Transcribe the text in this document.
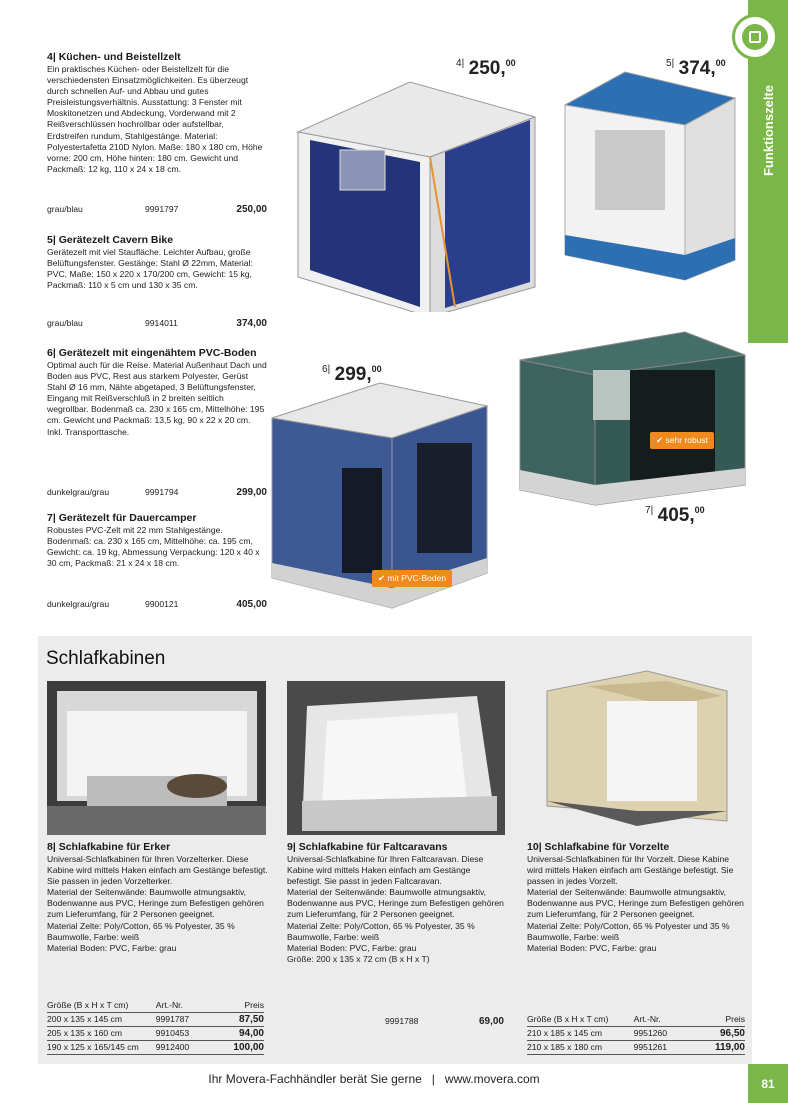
Funktionszelte
4| Küchen- und Beistellzelt
Ein praktisches Küchen- oder Beistellzelt für die verschiedensten Einsatzmöglichkeiten. Es überzeugt durch schnellen Auf- und Abbau und gutes Preisleistungsverhältnis. Ausstattung: 3 Fenster mit Moskitonetzen und Abdeckung, Vorderwand mit 2 Reißverschlüssen hochrollbar oder aufstellbar, Erdstreifen rundum, Stahlgestänge. Material: Polyestertafetta 210D Nylon. Maße: 180 x 180 cm, Höhe vorne: 200 cm, Höhe hinten: 180 cm. Gewicht und Packmaß: 12 kg, 110 x 24 x 18 cm.
grau/blau	9991797	250,00
5| Gerätezelt Cavern Bike
Gerätezelt mit viel Staufläche. Leichter Aufbau, große Belüftungsfenster. Gestänge: Stahl Ø 22mm, Material: PVC, Maße: 150 x 220 x 170/200 cm, Gewicht: 15 kg, Packmaß: 110 x 5 cm und 130 x 35 cm.
grau/blau	9914011	374,00
6| Gerätezelt mit eingenähtem PVC-Boden
Optimal auch für die Reise. Material Außenhaut Dach und Boden aus PVC, Rest aus starkem Polyester, Gerüst Stahl Ø 16 mm, Nähte abgetaped, 3 Belüftungsfenster, Eingang mit Reißverschluß in 2 breiten seitlich wegrollbar. Bodenmaß ca. 230 x 165 cm, Mittelhöhe: 195 cm. Gewicht und Packmaß: 13,5 kg, 90 x 22 x 20 cm. Inkl. Transporttasche.
dunkelgrau/grau	9991794	299,00
7| Gerätezelt für Dauercamper
Robustes PVC-Zelt mit 22 mm Stahlgestänge. Bodenmaß: ca. 230 x 165 cm, Mittelhöhe: ca. 195 cm, Gewicht: ca. 19 kg, Abmessung Verpackung: 120 x 40 x 30 cm, Packmaß: 21 x 24 x 18 cm.
dunkelgrau/grau	9900121	405,00
$^{4|}$ 250,00	$^{5|}$ 374,00
$^{6|}$ 299,00
✔ mit PVC-Boden
✔ sehr robust
$^{7|}$ 405,00
Schlafkabinen
8| Schlafkabine für Erker
Universal-Schlafkabinen für Ihren Vorzelterker. Diese Kabine wird mittels Haken einfach am Gestänge befestigt. Sie passen in jeden Vorzelterker.
Material der Seitenwände: Baumwolle atmungsaktiv, Bodenwanne aus PVC, Heringe zum Befestigen gehören zum Lieferumfang, für 2 Personen geeignet.
Material Zelte: Poly/Cotton, 65 % Polyester, 35 % Baumwolle, Farbe: weiß
Material Boden: PVC, Farbe: grau
Größe (B x H x T cm)	Art.-Nr.	Preis
200 x 135 x 145 cm	9991787	87,50
205 x 135 x 160 cm	9910453	94,00
190 x 125 x 165/145 cm	9912400	100,00
9| Schlafkabine für Faltcaravans
Universal-Schlafkabine für Ihren Faltcaravan. Diese Kabine wird mittels Haken einfach am Gestänge befestigt. Sie passt in jeden Faltcaravan.
Material der Seitenwände: Baumwolle atmungsaktiv, Bodenwanne aus PVC, Heringe zum Befestigen gehören zum Lieferumfang, für 2 Personen geeignet.
Material Zelte: Poly/Cotton, 65 % Polyester, 35 % Baumwolle, Farbe: weiß
Material Boden: PVC, Farbe: grau
Größe: 200 x 135 x 72 cm (B x H x T)
9991788	69,00
10| Schlafkabine für Vorzelte
Universal-Schlafkabinen für Ihr Vorzelt. Diese Kabine wird mittels Haken einfach am Gestänge befestigt. Sie passen in jedes Vorzelt.
Material der Seitenwände: Baumwolle atmungsaktiv, Bodenwanne aus PVC, Heringe zum Befestigen gehören zum Lieferumfang, für 2 Personen geeignet.
Material Zelte: Poly/Cotton, 65 % Polyester und 35 % Baumwolle, Farbe: weiß
Material Boden: PVC, Farbe: grau
Größe (B x H x T cm)	Art.-Nr.	Preis
210 x 185 x 145 cm	9951260	96,50
210 x 185 x 180 cm	9951261	119,00
Ihr Movera-Fachhändler berät Sie gerne   |   www.movera.com	81
